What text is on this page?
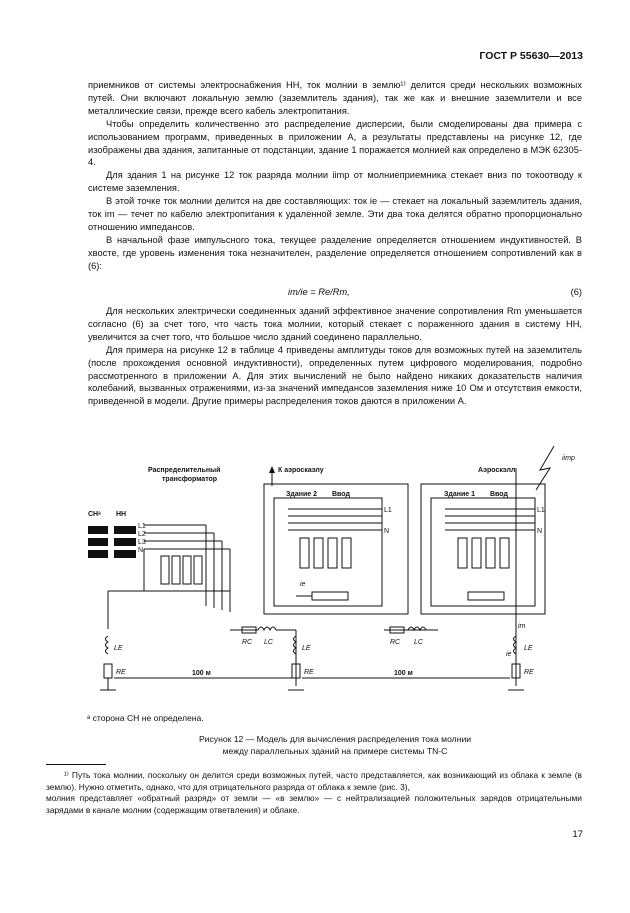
ГОСТ Р 55630—2013

приемников от системы электроснабжения НН, ток молнии в землю¹⁾ делится среди нескольких возможных путей. Они включают локальную землю (заземлитель здания), так же как и внешние заземлители и все металлические связи, прежде всего кабель электропитания.

Чтобы определить количественно это распределение дисперсии, были смоделированы два примера с использованием программ, приведенных в приложении А, а результаты представлены на рисунке 12, где изображены два здания, запитанные от подстанции, здание 1 поражается молнией как определено в МЭК 62305-4.

Для здания 1 на рисунке 12 ток разряда молнии iimp от молниеприемника стекает вниз по токоотводу к системе заземления.

В этой точке ток молнии делится на две составляющих: ток iе — стекает на локальный заземлитель здания, ток im — течет по кабелю электропитания к удаленной земле. Эти два тока делятся обратно пропорционально отношению импедансов.

В начальной фазе импульсного тока, текущее разделение определяется отношением индуктивностей. В хвосте, где уровень изменения тока незначителен, разделение определяется отношением сопротивлений как в (6):

im/ie = Re/Rm,	(6)

Для нескольких электрически соединенных зданий эффективное значение сопротивления Rm уменьшается согласно (6) за счет того, что часть тока молнии, который стекает с пораженного здания в систему НН, увеличится за счет того, что большое число зданий соединено параллельно.

Для примера на рисунке 12 в таблице 4 приведены амплитуды токов для возможных путей на заземлитель (после прохождения основной индуктивности), определенных путем цифрового моделирования, подробно рассмотренного в приложении А. Для этих вычислений не было найдено никаких доказательств наличия колебаний, вызванных отражениями, из-за значений импедансов заземления ниже 10 Ом и отсутствия емкости, приведенной в модели. Другие примеры распределения токов даются в приложении А.

Распределительный
трансформатор
К аэроскаэлу	Аэроскэлл
iimp
СНᵃ НН
L1
L2
L3
N
Здание 2 Ввод	Здание 1 Ввод
L1	L1
N	N
ie
im
ie
RC LC	RC LC
LE	LE	LE
RE	RE	RE
100 м	100 м
ᵃ сторона СН не определена.
Рисунок 12 — Модель для вычисления распределения тока молнии
между параллельных зданий на примере системы TN-C

¹⁾ Путь тока молнии, поскольку он делится среди возможных путей, часто представляется, как возникающий из облака к земле (в землю). Нужно отметить, однако, что для отрицательного разряда от облака к земле (рис. 3),

молния представляет «обратный разряд» от земли — «в землю» — с нейтрализацией положительных зарядов отрицательными зарядами в канале молнии (содержащим ответвления) и облаке.

17
